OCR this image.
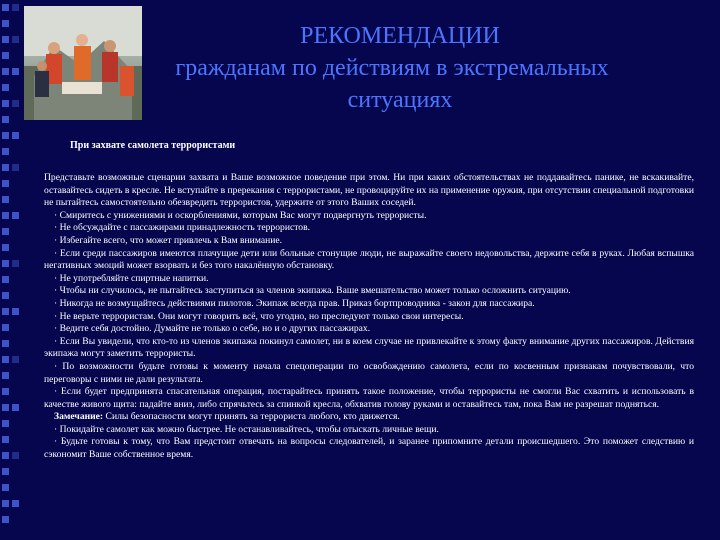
РЕКОМЕНДАЦИИ
гражданам по действиям в экстремальных
ситуациях
При захвате самолета террористами

Представьте возможные сценарии захвата и Ваше возможное поведение при этом. Ни при каких обстоятельствах не поддавайтесь панике, не вскакивайте, оставайтесь сидеть в кресле. Не вступайте в пререкания с террористами, не провоцируйте их на применение оружия, при отсутствии специальной подготовки не пытайтесь самостоятельно обезвредить террористов, удержите от этого Ваших соседей.

· Смиритесь с унижениями и оскорблениями, которым Вас могут подвергнуть террористы.

· Не обсуждайте с пассажирами принадлежность террористов.

· Избегайте всего, что может привлечь к Вам внимание.

· Если среди пассажиров имеются плачущие дети или больные стонущие люди, не выражайте своего недовольства, держите себя в руках. Любая вспышка негативных эмоций может взорвать и без того накалённую обстановку.

· Не употребляйте спиртные напитки.

· Чтобы ни случилось, не пытайтесь заступиться за членов экипажа. Ваше вмешательство может только осложнить ситуацию.

· Никогда не возмущайтесь действиями пилотов. Экипаж всегда прав. Приказ бортпроводника - закон для пассажира.

· Не верьте террористам. Они могут говорить всё, что угодно, но преследуют только свои интересы.

· Ведите себя достойно. Думайте не только о себе, но и о других пассажирах.

· Если Вы увидели, что кто-то из членов экипажа покинул самолет, ни в коем случае не привлекайте к этому факту внимание других пассажиров. Действия экипажа могут заметить террористы.

· По возможности будьте готовы к моменту начала спецоперации по освобождению самолета, если по косвенным признакам почувствовали, что переговоры с ними не дали результата.

· Если будет предпринята спасательная операция, постарайтесь принять такое положение, чтобы террористы не смогли Вас схватить и использовать в качестве живого щита: падайте вниз, либо спрячьтесь за спинкой кресла, обхватив голову руками и оставайтесь там, пока Вам не разрешат подняться.

Замечание: Силы безопасности могут принять за террориста любого, кто движется.

· Покидайте самолет как можно быстрее. Не останавливайтесь, чтобы отыскать личные вещи.

· Будьте готовы к тому, что Вам предстоит отвечать на вопросы следователей, и заранее припомните детали происшедшего. Это поможет следствию и сэкономит Ваше собственное время.
